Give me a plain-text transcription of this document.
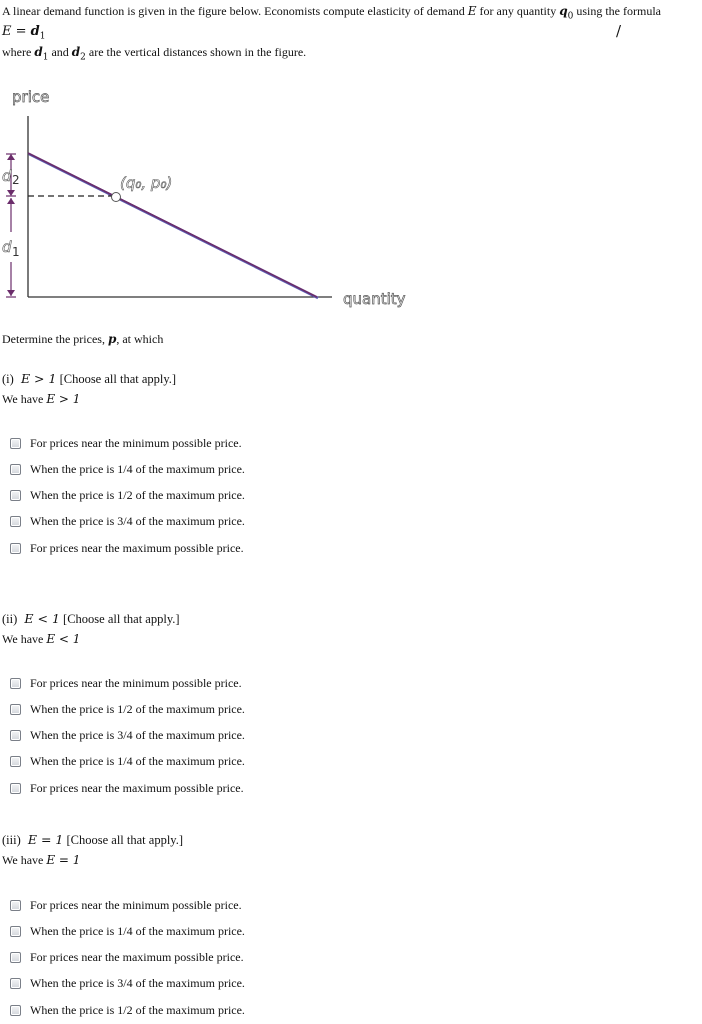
A linear demand function is given in the figure below. Economists compute elasticity of demand E for any quantity $q_0$ using the formula
$E = d_1$	/
where $d_1$ and $d_2$ are the vertical distances shown in the figure.
price
(q₀, p₀)
d 2
d 1
quantity
Determine the prices, p, at which
(i) E > 1 [Choose all that apply.]
We have E > 1
For prices near the minimum possible price.
When the price is 1/4 of the maximum price.
When the price is 1/2 of the maximum price.
When the price is 3/4 of the maximum price.
For prices near the maximum possible price.
(ii) E < 1 [Choose all that apply.]
We have E < 1
For prices near the minimum possible price.
When the price is 1/2 of the maximum price.
When the price is 3/4 of the maximum price.
When the price is 1/4 of the maximum price.
For prices near the maximum possible price.
(iii) E = 1 [Choose all that apply.]
We have E = 1
For prices near the minimum possible price.
When the price is 1/4 of the maximum price.
For prices near the maximum possible price.
When the price is 3/4 of the maximum price.
When the price is 1/2 of the maximum price.
